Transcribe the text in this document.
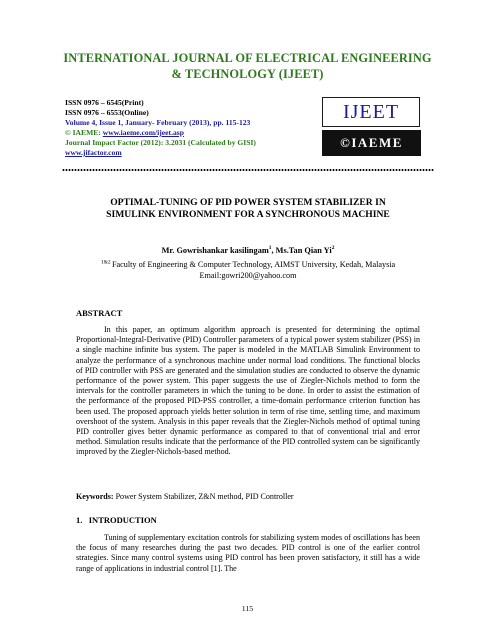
INTERNATIONAL JOURNAL OF ELECTRICAL ENGINEERING
& TECHNOLOGY (IJEET)
ISSN 0976 – 6545(Print)
ISSN 0976 – 6553(Online)
Volume 4, Issue 1, January- February (2013), pp. 115-123
© IAEME: www.iaeme.com/ijeet.asp
Journal Impact Factor (2012): 3.2031 (Calculated by GISI)
www.jifactor.com
IJEET
©IAEME
OPTIMAL-TUNING OF PID POWER SYSTEM STABILIZER IN
SIMULINK ENVIRONMENT FOR A SYNCHRONOUS MACHINE
Mr. Gowrishankar kasilingam$^1$, Ms.Tan Qian Yi$^2$
$^{1\&2}$ Faculty of Engineering & Computer Technology, AIMST University, Kedah, Malaysia
Email:gowri200@yahoo.com
ABSTRACT
In this paper, an optimum algorithm approach is presented for determining the optimal Proportional-Integral-Derivative (PID) Controller parameters of a typical power system stabilizer (PSS) in a single machine infinite bus system. The paper is modeled in the MATLAB Simulink Environment to analyze the performance of a synchronous machine under normal load conditions. The functional blocks of PID controller with PSS are generated and the simulation studies are conducted to observe the dynamic performance of the power system. This paper suggests the use of Ziegler-Nichols method to form the intervals for the controller parameters in which the tuning to be done. In order to assist the estimation of the performance of the proposed PID-PSS controller, a time-domain performance criterion function has been used. The proposed approach yields better solution in term of rise time, settling time, and maximum overshoot of the system. Analysis in this paper reveals that the Ziegler-Nichols method of optimal tuning PID controller gives better dynamic performance as compared to that of conventional trial and error method. Simulation results indicate that the performance of the PID controlled system can be significantly improved by the Ziegler-Nichols-based method.
Keywords: Power System Stabilizer, Z&N method, PID Controller
1.   INTRODUCTION
Tuning of supplementary excitation controls for stabilizing system modes of oscillations has been the focus of many researches during the past two decades. PID control is one of the earlier control strategies. Since many control systems using PID control has been proven satisfactory, it still has a wide range of applications in industrial control [1]. The
115
